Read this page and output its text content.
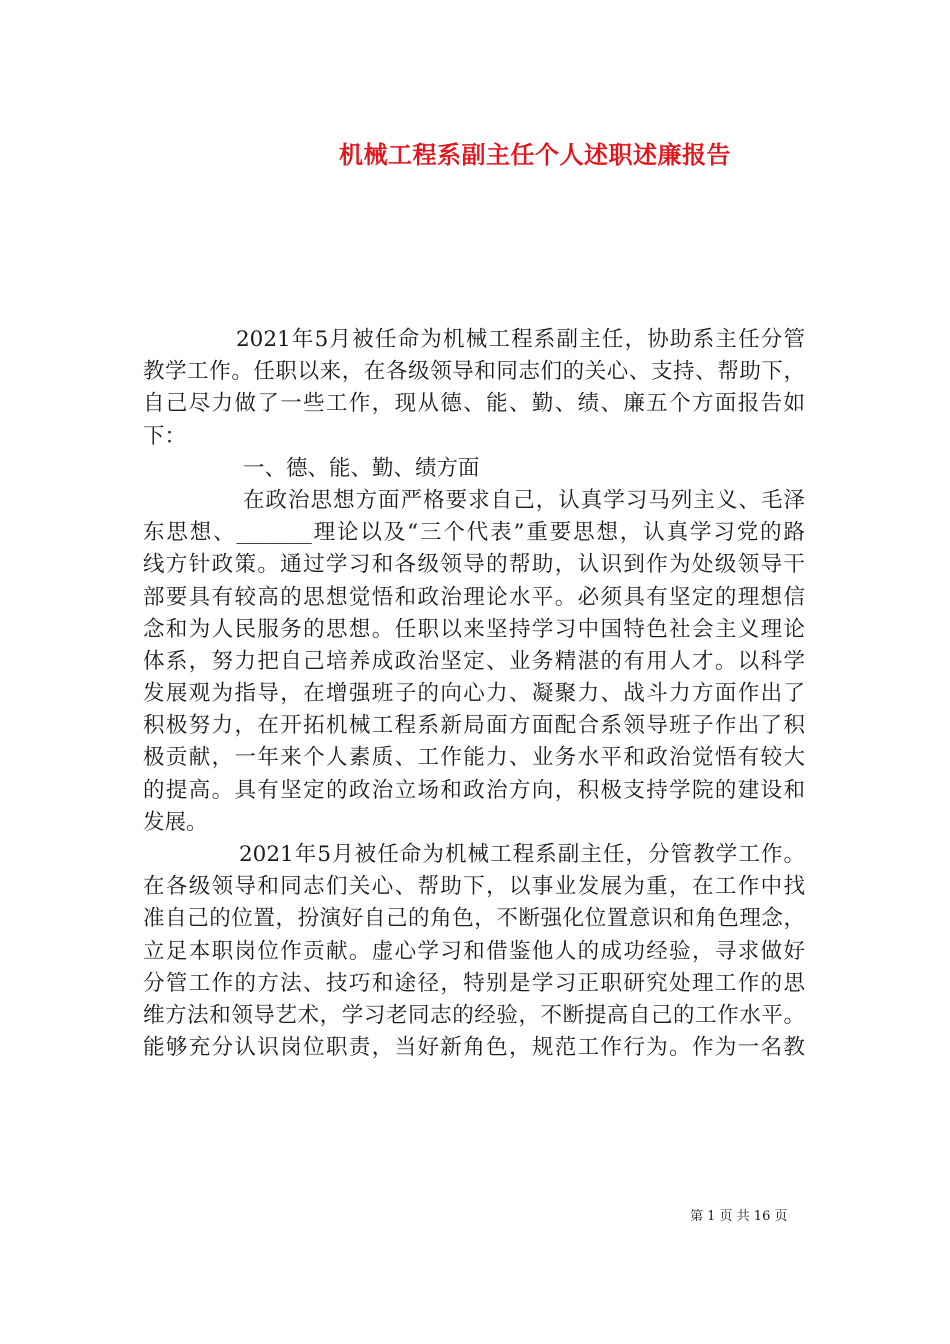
机械工程系副主任个人述职述廉报告
2021年5月被任命为机械工程系副主任，协助系主任分管
教学工作。任职以来，在各级领导和同志们的关心、支持、帮助下，
自己尽力做了一些工作，现从德、能、勤、绩、廉五个方面报告如
下：
一、德、能、勤、绩方面
在政治思想方面严格要求自己，认真学习马列主义、毛泽
东思想、_______理论以及“三个代表”重要思想，认真学习党的路
线方针政策。通过学习和各级领导的帮助，认识到作为处级领导干
部要具有较高的思想觉悟和政治理论水平。必须具有坚定的理想信
念和为人民服务的思想。任职以来坚持学习中国特色社会主义理论
体系，努力把自己培养成政治坚定、业务精湛的有用人才。以科学
发展观为指导，在增强班子的向心力、凝聚力、战斗力方面作出了
积极努力，在开拓机械工程系新局面方面配合系领导班子作出了积
极贡献，一年来个人素质、工作能力、业务水平和政治觉悟有较大
的提高。具有坚定的政治立场和政治方向，积极支持学院的建设和
发展。
2021年5月被任命为机械工程系副主任，分管教学工作。
在各级领导和同志们关心、帮助下，以事业发展为重，在工作中找
准自己的位置，扮演好自己的角色，不断强化位置意识和角色理念，
立足本职岗位作贡献。虚心学习和借鉴他人的成功经验，寻求做好
分管工作的方法、技巧和途径，特别是学习正职研究处理工作的思
维方法和领导艺术，学习老同志的经验，不断提高自己的工作水平。
能够充分认识岗位职责，当好新角色，规范工作行为。作为一名教
第 1 页 共 16 页
